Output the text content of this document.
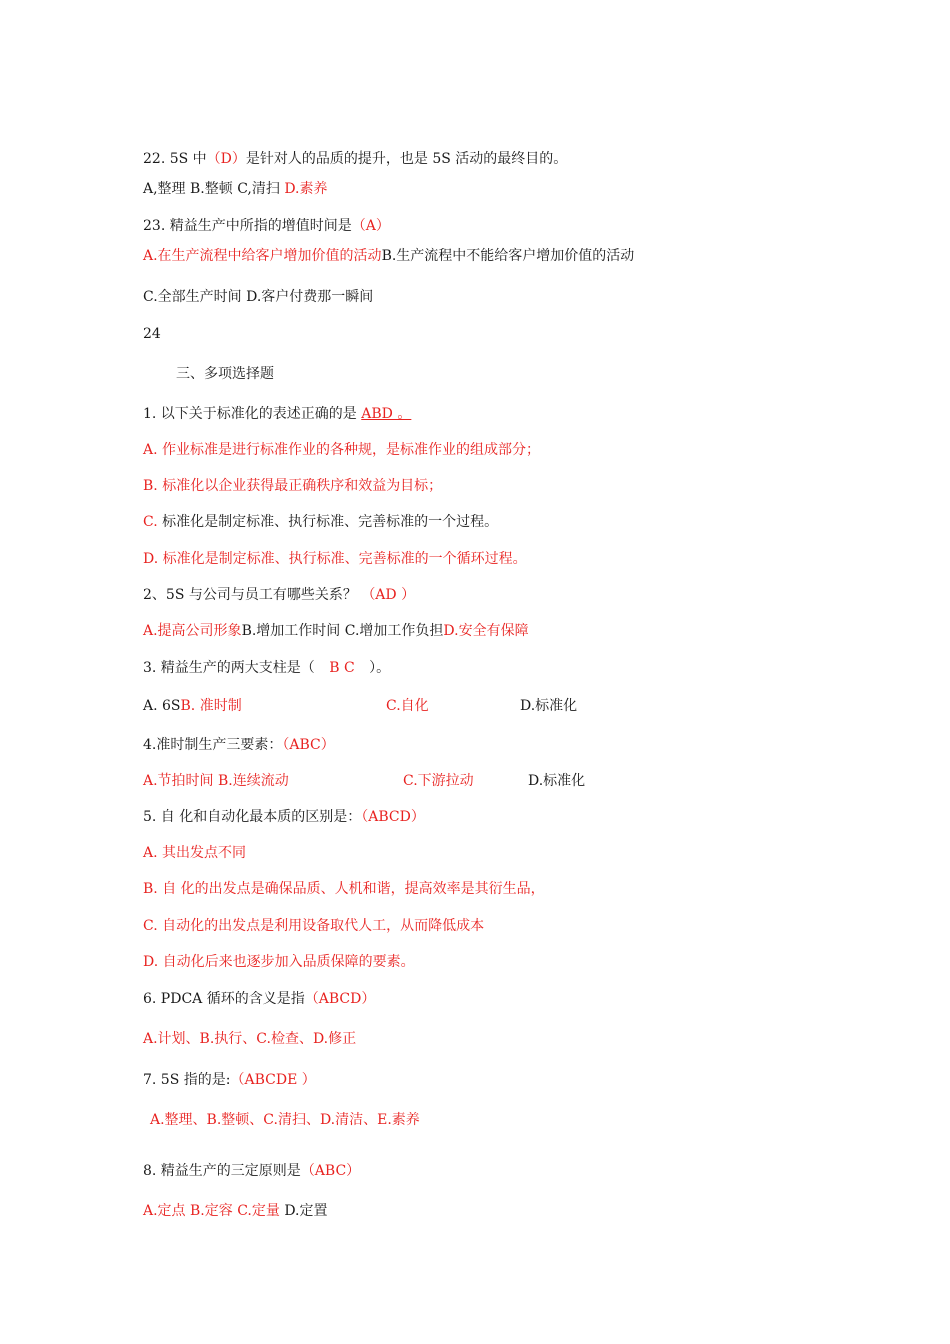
22. 5S 中（D）是针对人的品质的提升，也是 5S 活动的最终目的。
A,整理 B.整顿 C,清扫 D.素养
23. 精益生产中所指的增值时间是（A）
A.在生产流程中给客户增加价值的活动B.生产流程中不能给客户增加价值的活动
C.全部生产时间 D.客户付费那一瞬间
24
三、多项选择题
1. 以下关于标准化的表述正确的是 ABD 。
A. 作业标准是进行标准作业的各种规，是标准作业的组成部分；
B. 标准化以企业获得最正确秩序和效益为目标；
C. 标准化是制定标准、执行标准、完善标准的一个过程。
D. 标准化是制定标准、执行标准、完善标准的一个循环过程。
2、5S 与公司与员工有哪些关系？ （AD ）
A.提高公司形象B.增加工作时间 C.增加工作负担D.安全有保障
3. 精益生产的两大支柱是（ B C ）。
A. 6SB. 准时制	C.自化	D.标准化
4.准时制生产三要素：（ABC）
A.节拍时间 B.连续流动	C.下游拉动	D.标准化
5. 自 化和自动化最本质的区别是：（ABCD）
A. 其出发点不同
B. 自 化的出发点是确保品质、人机和谐，提高效率是其衍生品，
C. 自动化的出发点是利用设备取代人工，从而降低成本
D. 自动化后来也逐步加入品质保障的要素。
6. PDCA 循环的含义是指（ABCD）
A.计划、B.执行、C.检查、D.修正
7. 5S 指的是:（ABCDE ）
A.整理、B.整顿、C.清扫、D.清洁、E.素养
8. 精益生产的三定原则是（ABC）
A.定点 B.定容 C.定量 D.定置
